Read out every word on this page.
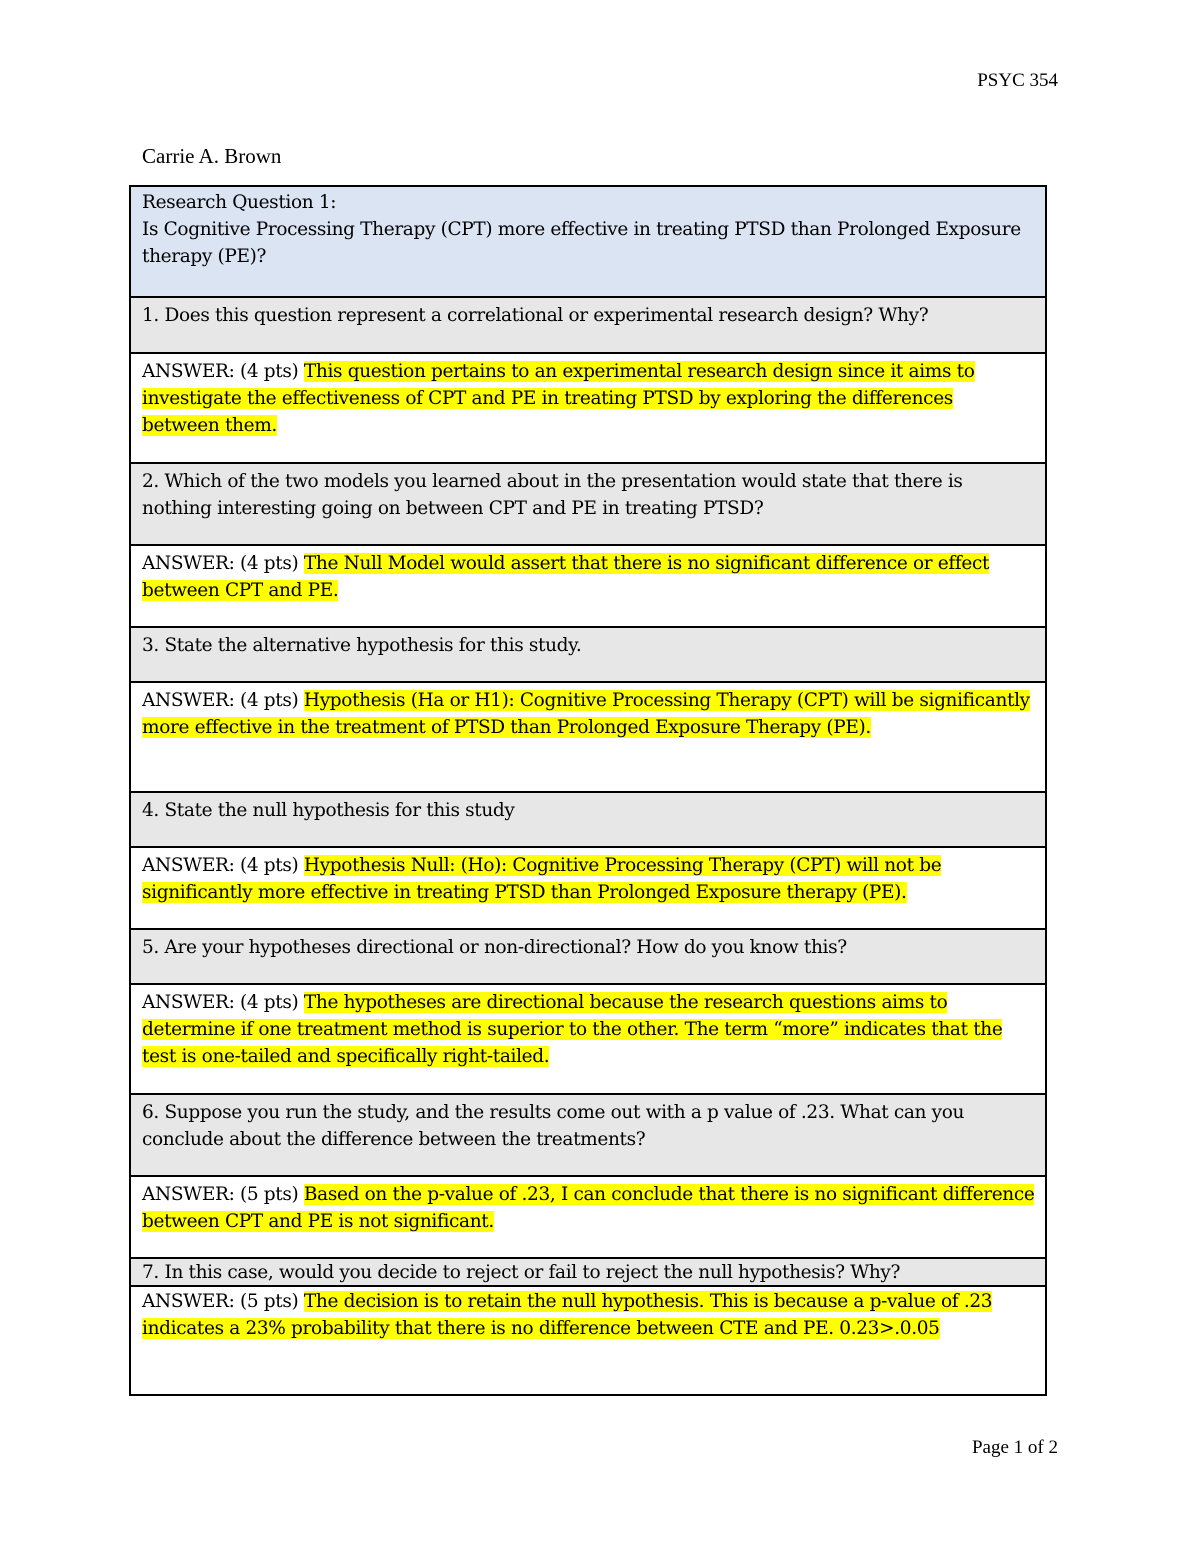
PSYC 354
Carrie A. Brown
Research Question 1:
Is Cognitive Processing Therapy (CPT) more effective in treating PTSD than Prolonged Exposure therapy (PE)?
1. Does this question represent a correlational or experimental research design? Why?
ANSWER: (4 pts) This question pertains to an experimental research design since it aims to investigate the effectiveness of CPT and PE in treating PTSD by exploring the differences between them.
2. Which of the two models you learned about in the presentation would state that there is nothing interesting going on between CPT and PE in treating PTSD?
ANSWER: (4 pts) The Null Model would assert that there is no significant difference or effect between CPT and PE.
3. State the alternative hypothesis for this study.
ANSWER: (4 pts) Hypothesis (Ha or H1): Cognitive Processing Therapy (CPT) will be significantly more effective in the treatment of PTSD than Prolonged Exposure Therapy (PE).
4. State the null hypothesis for this study
ANSWER: (4 pts) Hypothesis Null: (Ho): Cognitive Processing Therapy (CPT) will not be significantly more effective in treating PTSD than Prolonged Exposure therapy (PE).
5. Are your hypotheses directional or non-directional? How do you know this?
ANSWER: (4 pts) The hypotheses are directional because the research questions aims to determine if one treatment method is superior to the other. The term “more” indicates that the test is one-tailed and specifically right-tailed.
6. Suppose you run the study, and the results come out with a p value of .23. What can you conclude about the difference between the treatments?
ANSWER: (5 pts) Based on the p-value of .23, I can conclude that there is no significant difference between CPT and PE is not significant.
7. In this case, would you decide to reject or fail to reject the null hypothesis? Why?
ANSWER: (5 pts) The decision is to retain the null hypothesis. This is because a p-value of .23 indicates a 23% probability that there is no difference between CTE and PE. 0.23>.0.05
Page 1 of 2
